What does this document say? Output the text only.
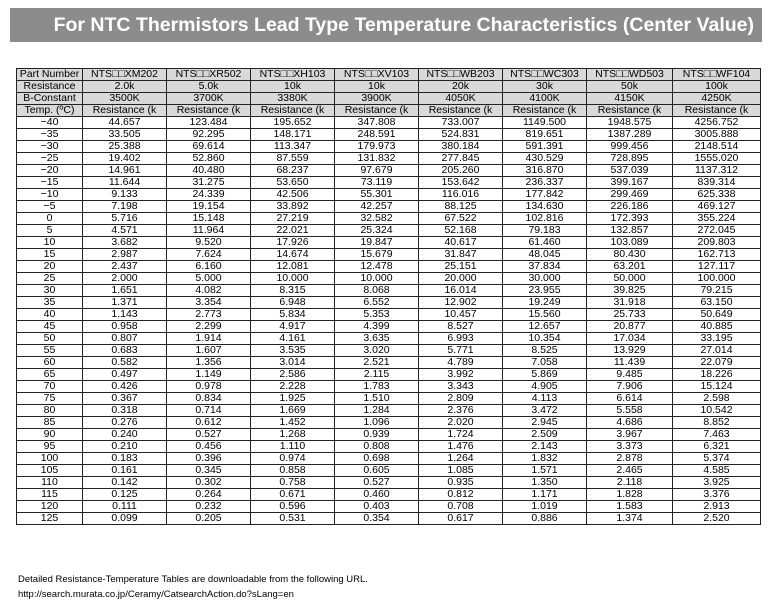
For NTC Thermistors Lead Type Temperature Characteristics (Center Value)
Part Number	NTS□□XM202	NTS□□XR502	NTS□□XH103	NTS□□XV103	NTS□□WB203	NTS□□WC303	NTS□□WD503	NTS□□WF104
Resistance	2.0k	5.0k	10k	10k	20k	30k	50k	100k
B-Constant	3500K	3700K	3380K	3900K	4050K	4100K	4150K	4250K
Temp. (ºC)	Resistance (k	Resistance (k	Resistance (k	Resistance (k	Resistance (k	Resistance (k	Resistance (k	Resistance (k
−40	44.657	123.484	195.652	347.808	733.007	1149.500	1948.575	4256.752
−35	33.505	92.295	148.171	248.591	524.831	819.651	1387.289	3005.888
−30	25.388	69.614	113.347	179.973	380.184	591.391	999.456	2148.514
−25	19.402	52.860	87.559	131.832	277.845	430.529	728.895	1555.020
−20	14.961	40.480	68.237	97.679	205.260	316.870	537.039	1137.312
−15	11.644	31.275	53.650	73.119	153.642	236.337	399.167	839.314
−10	9.133	24.339	42.506	55.301	116.016	177.842	299.469	625.338
−5	7.198	19.154	33.892	42.257	88.125	134.630	226.186	469.127
0	5.716	15.148	27.219	32.582	67.522	102.816	172.393	355.224
5	4.571	11.964	22.021	25.324	52.168	79.183	132.857	272.045
10	3.682	9.520	17.926	19.847	40.617	61.460	103.089	209.803
15	2.987	7.624	14.674	15.679	31.847	48.045	80.430	162.713
20	2.437	6.160	12.081	12.478	25.151	37.834	63.201	127.117
25	2.000	5.000	10.000	10.000	20.000	30.000	50.000	100.000
30	1.651	4.082	8.315	8.068	16.014	23.955	39.825	79.215
35	1.371	3.354	6.948	6.552	12.902	19.249	31.918	63.150
40	1.143	2.773	5.834	5.353	10.457	15.560	25.733	50.649
45	0.958	2.299	4.917	4.399	8.527	12.657	20.877	40.885
50	0.807	1.914	4.161	3.635	6.993	10.354	17.034	33.195
55	0.683	1.607	3.535	3.020	5.771	8.525	13.929	27.014
60	0.582	1.356	3.014	2.521	4.789	7.058	11.439	22.079
65	0.497	1.149	2.586	2.115	3.992	5.869	9.485	18.226
70	0.426	0.978	2.228	1.783	3.343	4.905	7.906	15.124
75	0.367	0.834	1.925	1.510	2.809	4.113	6.614	2.598
80	0.318	0.714	1.669	1.284	2.376	3.472	5.558	10.542
85	0.276	0.612	1.452	1.096	2.020	2.945	4.686	8.852
90	0.240	0.527	1.268	0.939	1.724	2.509	3.967	7.463
95	0.210	0.456	1.110	0.808	1.476	2.143	3.373	6.321
100	0.183	0.396	0.974	0.698	1.264	1.832	2.878	5.374
105	0.161	0.345	0.858	0.605	1.085	1.571	2.465	4.585
110	0.142	0.302	0.758	0.527	0.935	1.350	2.118	3.925
115	0.125	0.264	0.671	0.460	0.812	1.171	1.828	3.376
120	0.111	0.232	0.596	0.403	0.708	1.019	1.583	2.913
125	0.099	0.205	0.531	0.354	0.617	0.886	1.374	2.520
Detailed Resistance-Temperature Tables are downloadable from the following URL.
http://search.murata.co.jp/Ceramy/CatsearchAction.do?sLang=en
